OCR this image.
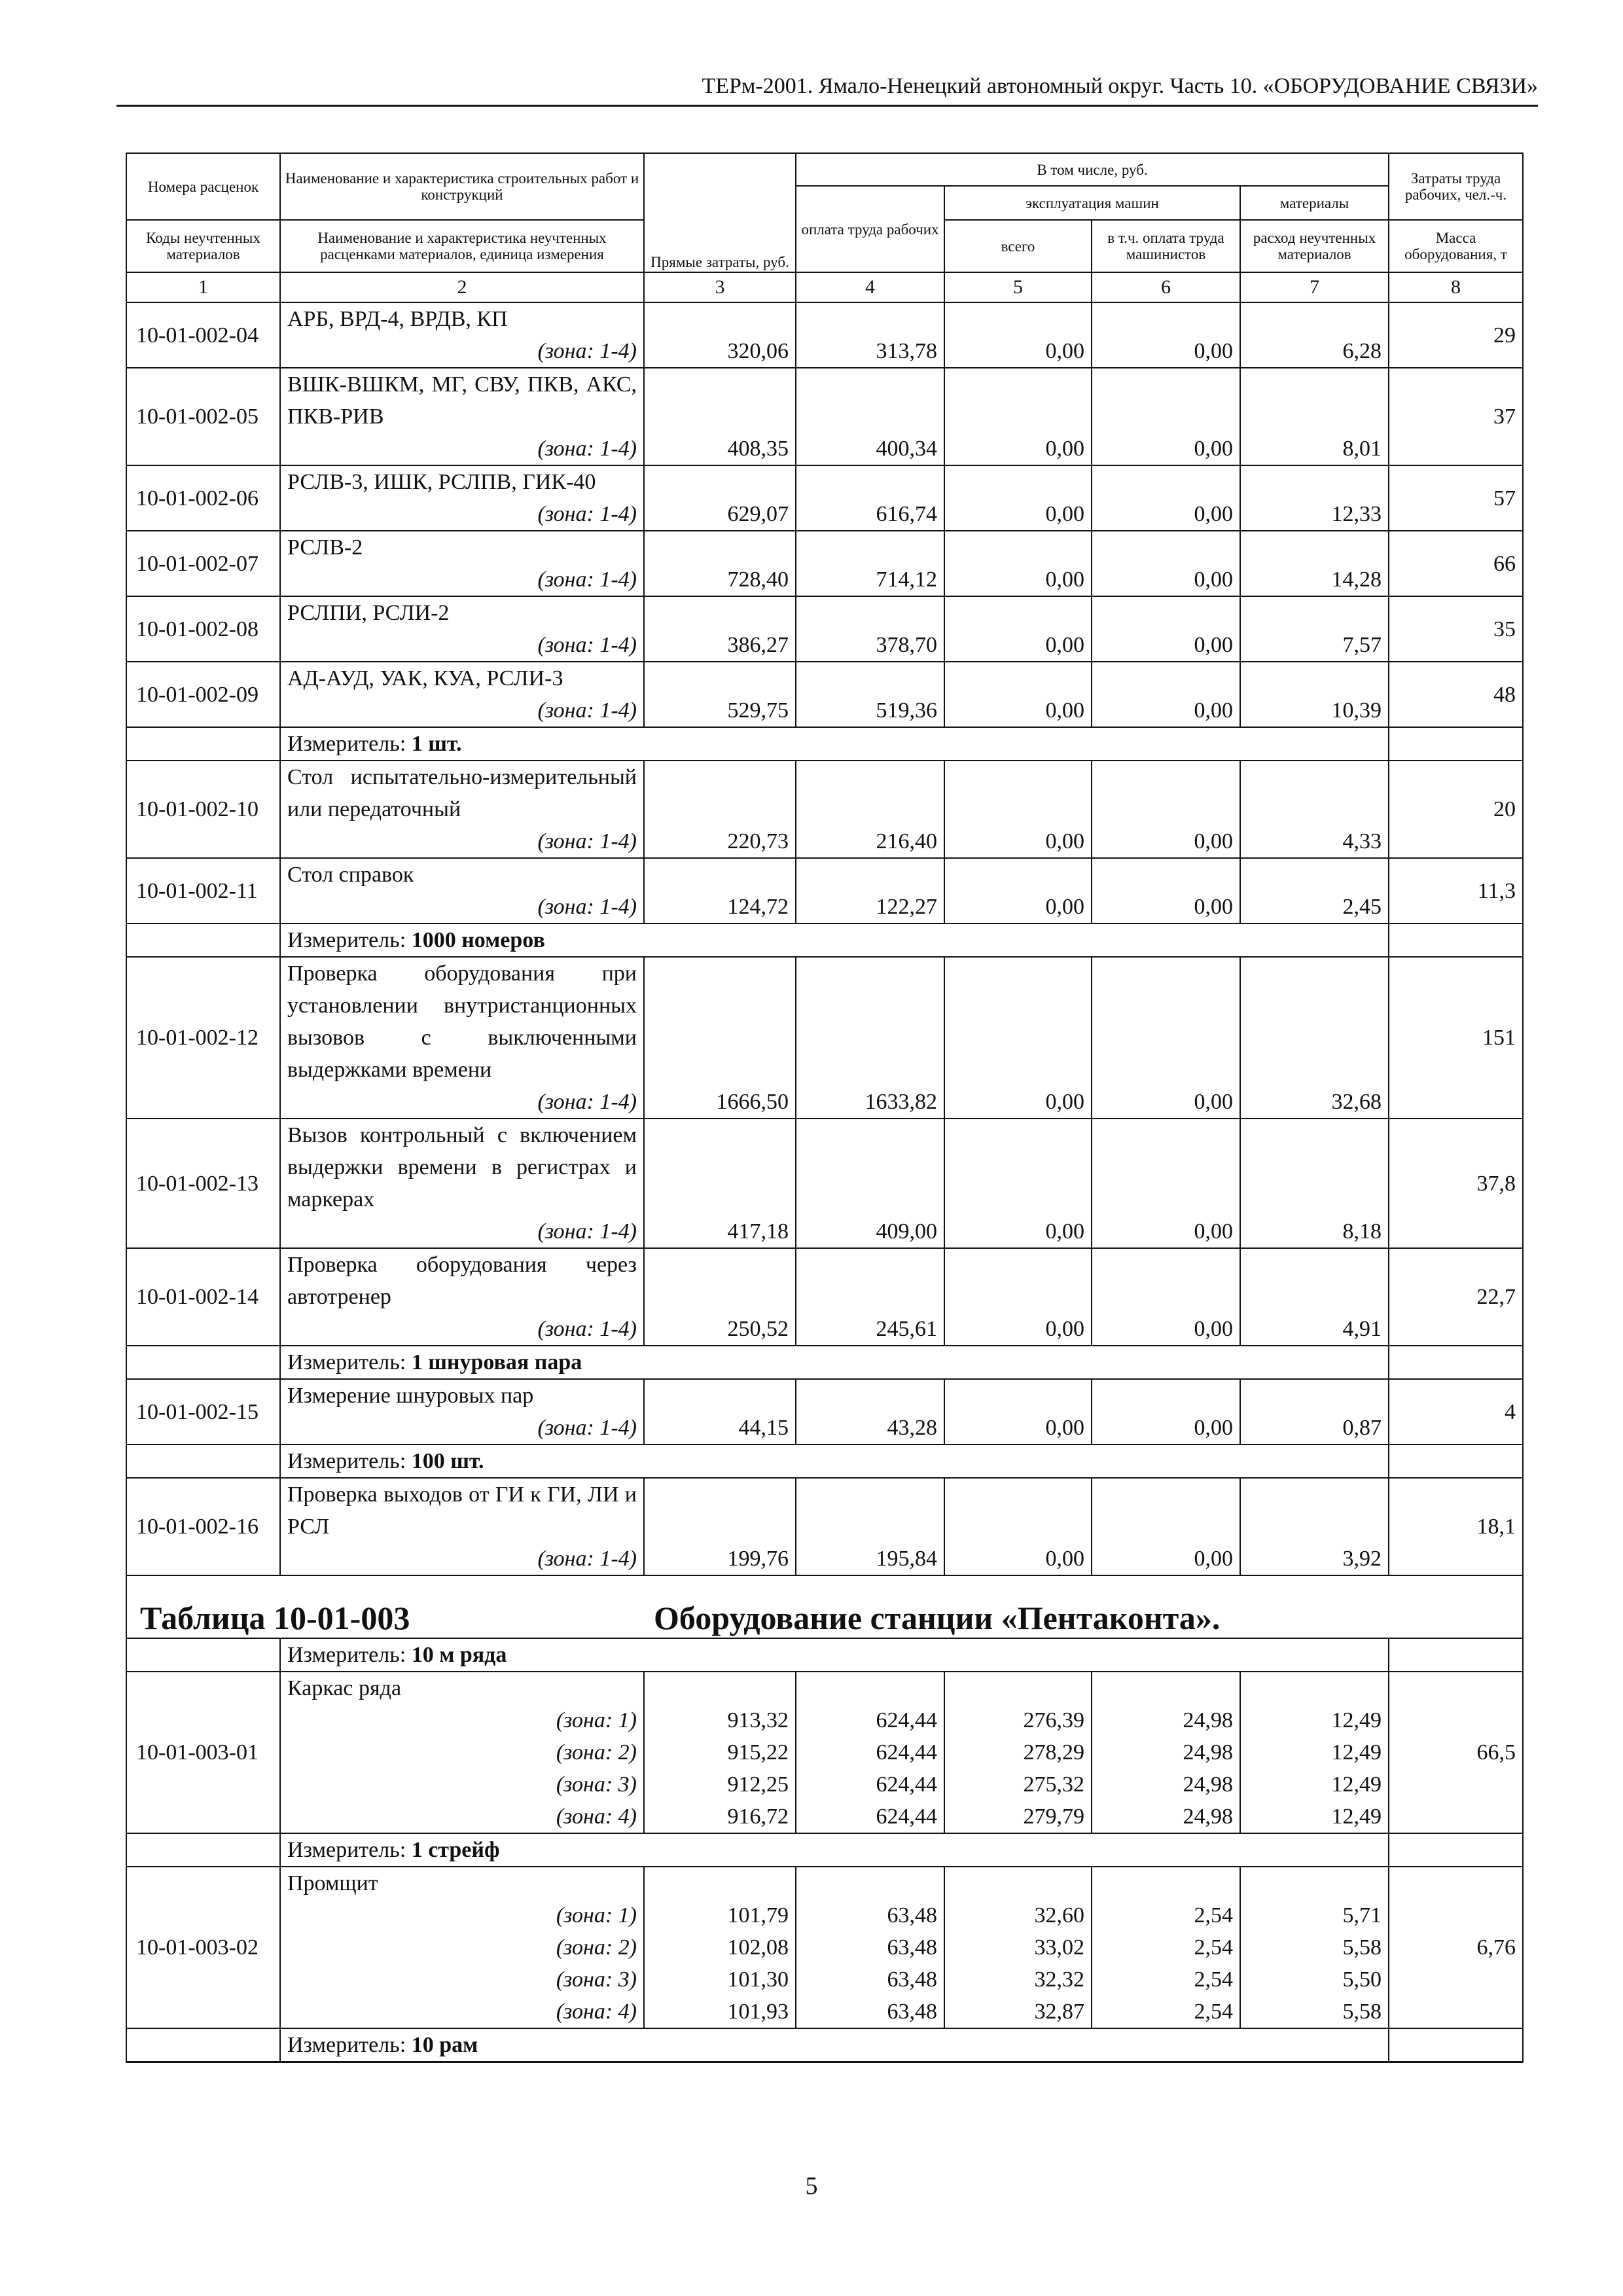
ТЕРм-2001. Ямало-Ненецкий автономный округ. Часть 10. «ОБОРУДОВАНИЕ СВЯЗИ»
Номера расценок	Наименование и характеристика строительных работ и конструкций	Прямые затраты, руб.	В том числе, руб.				Затраты труда рабочих, чел.-ч.
			оплата труда рабочих	эксплуатация машин		материалы	
Коды неучтенных материалов	Наименование и характеристика неучтенных расценками материалов, единица измерения			всего	в т.ч. оплата труда машинистов	расход неучтенных материалов	Масса оборудования, т

1	2	3	4	5	6	7	8
10-01-002-04	АРБ, ВРД-4, ВРДВ, КП						29
	(зона: 1-4)	320,06	313,78	0,00	0,00	6,28	
10-01-002-05	ВШК-ВШКМ, МГ, СВУ, ПКВ, АКС, ПКВ-РИВ						37
	(зона: 1-4)	408,35	400,34	0,00	0,00	8,01	
10-01-002-06	РСЛВ-3, ИШК, РСЛПВ, ГИК-40						57
	(зона: 1-4)	629,07	616,74	0,00	0,00	12,33	
10-01-002-07	РСЛВ-2						66
	(зона: 1-4)	728,40	714,12	0,00	0,00	14,28	
10-01-002-08	РСЛПИ, РСЛИ-2						35
	(зона: 1-4)	386,27	378,70	0,00	0,00	7,57	
10-01-002-09	АД-АУД, УАК, КУА, РСЛИ-3						48
	(зона: 1-4)	529,75	519,36	0,00	0,00	10,39	
	Измеритель: 1 шт.						
10-01-002-10	Стол испытательно-измерительный или передаточный						20
	(зона: 1-4)	220,73	216,40	0,00	0,00	4,33	
10-01-002-11	Стол справок						11,3
	(зона: 1-4)	124,72	122,27	0,00	0,00	2,45	
	Измеритель: 1000 номеров						
10-01-002-12	Проверка оборудования при установлении внутристанционных вызовов с выключенными выдержками времени						151
	(зона: 1-4)	1666,50	1633,82	0,00	0,00	32,68	
10-01-002-13	Вызов контрольный с включением выдержки времени в регистрах и маркерах						37,8
	(зона: 1-4)	417,18	409,00	0,00	0,00	8,18	
10-01-002-14	Проверка оборудования через автотренер						22,7
	(зона: 1-4)	250,52	245,61	0,00	0,00	4,91	
	Измеритель: 1 шнуровая пара						
10-01-002-15	Измерение шнуровых пар						4
	(зона: 1-4)	44,15	43,28	0,00	0,00	0,87	
	Измеритель: 100 шт.						
10-01-002-16	Проверка выходов от ГИ к ГИ, ЛИ и РСЛ						18,1
	(зона: 1-4)	199,76	195,84	0,00	0,00	3,92	

Таблица 10-01-003 Оборудование станции «Пентаконта».							

	Измеритель: 10 м ряда						
10-01-003-01	Каркас ряда						66,5
	(зона: 1)	913,32	624,44	276,39	24,98	12,49	
	(зона: 2)	915,22	624,44	278,29	24,98	12,49	
	(зона: 3)	912,25	624,44	275,32	24,98	12,49	
	(зона: 4)	916,72	624,44	279,79	24,98	12,49	
	Измеритель: 1 стрейф						
10-01-003-02	Промщит						6,76
	(зона: 1)	101,79	63,48	32,60	2,54	5,71	
	(зона: 2)	102,08	63,48	33,02	2,54	5,58	
	(зона: 3)	101,30	63,48	32,32	2,54	5,50	
	(зона: 4)	101,93	63,48	32,87	2,54	5,58	
	Измеритель: 10 рам						
5
